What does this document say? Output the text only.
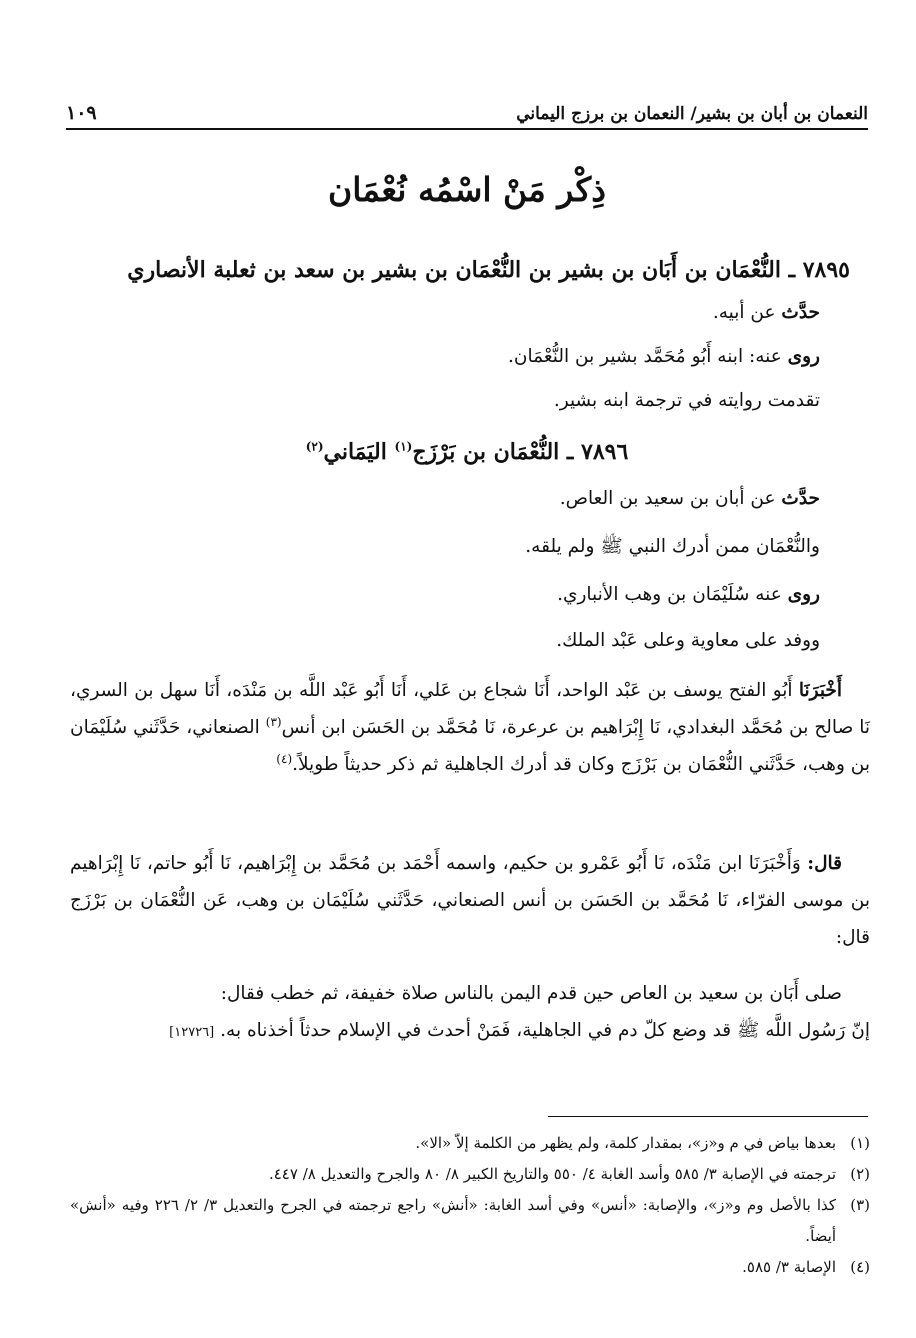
النعمان بن أبان بن بشير/ النعمان بن برزج اليماني
١٠٩
ذِكْر مَنْ اسْمُه نُعْمَان
٧٨٩٥ ـ النُّعْمَان بن أَبَان بن بشير بن النُّعْمَان بن بشير بن سعد بن ثعلبة الأنصاري
حدَّث عن أبيه.
روى عنه: ابنه أَبُو مُحَمَّد بشير بن النُّعْمَان.
تقدمت روايته في ترجمة ابنه بشير.
٧٨٩٦ ـ النُّعْمَان بن بَرْزَج$^{(١)}$ اليَمَاني$^{(٢)}$
حدَّث عن أبان بن سعيد بن العاص.
والنُّعْمَان ممن أدرك النبي ﷺ ولم يلقه.
روى عنه سُلَيْمَان بن وهب الأنباري.
ووفد على معاوية وعلى عَبْد الملك.

أَخْبَرَنَا أَبُو الفتح يوسف بن عَبْد الواحد، أَنَا شجاع بن عَلي، أَنَا أَبُو عَبْد اللَّه بن مَنْدَه، أَنَا سهل بن السري، نَا صالح بن مُحَمَّد البغدادي، نَا إِبْرَاهيم بن عرعرة، نَا مُحَمَّد بن الحَسَن ابن أنس$^{(٣)}$ الصنعاني، حَدَّثَني سُلَيْمَان بن وهب، حَدَّثَني النُّعْمَان بن بَرْزَج وكان قد أدرك الجاهلية ثم ذكر حديثاً طويلاً.$^{(٤)}$

قال: وَأَخْبَرَنَا ابن مَنْدَه، نَا أَبُو عَمْرو بن حكيم، واسمه أَحْمَد بن مُحَمَّد بن إِبْرَاهيم، نَا أَبُو حاتم، نَا إِبْرَاهيم بن موسى الفرّاء، نَا مُحَمَّد بن الحَسَن بن أنس الصنعاني، حَدَّثَني سُلَيْمَان بن وهب، عَن النُّعْمَان بن بَرْزَج قال:

صلى أَبَان بن سعيد بن العاص حين قدم اليمن بالناس صلاة خفيفة، ثم خطب فقال:
إنّ رَسُول اللَّه ﷺ قد وضع كلّ دم في الجاهلية، فَمَنْ أحدث في الإسلام حدثاً أخذناه به. [١٢٧٢٦]
(١)
بعدها بياض في م و«ز»، بمقدار كلمة، ولم يظهر من الكلمة إلاّ «الا».
(٢)
ترجمته في الإصابة ٣/ ٥٨٥ وأسد الغابة ٤/ ٥٥٠ والتاريخ الكبير ٨/ ٨٠ والجرح والتعديل ٨/ ٤٤٧.
(٣)
كذا بالأصل وم و«ز»، والإصابة: «أنس» وفي أسد الغابة: «أنش» راجع ترجمته في الجرح والتعديل ٣/ ٢/ ٢٢٦ وفيه «أنش» أيضاً.
(٤)
الإصابة ٣/ ٥٨٥.
